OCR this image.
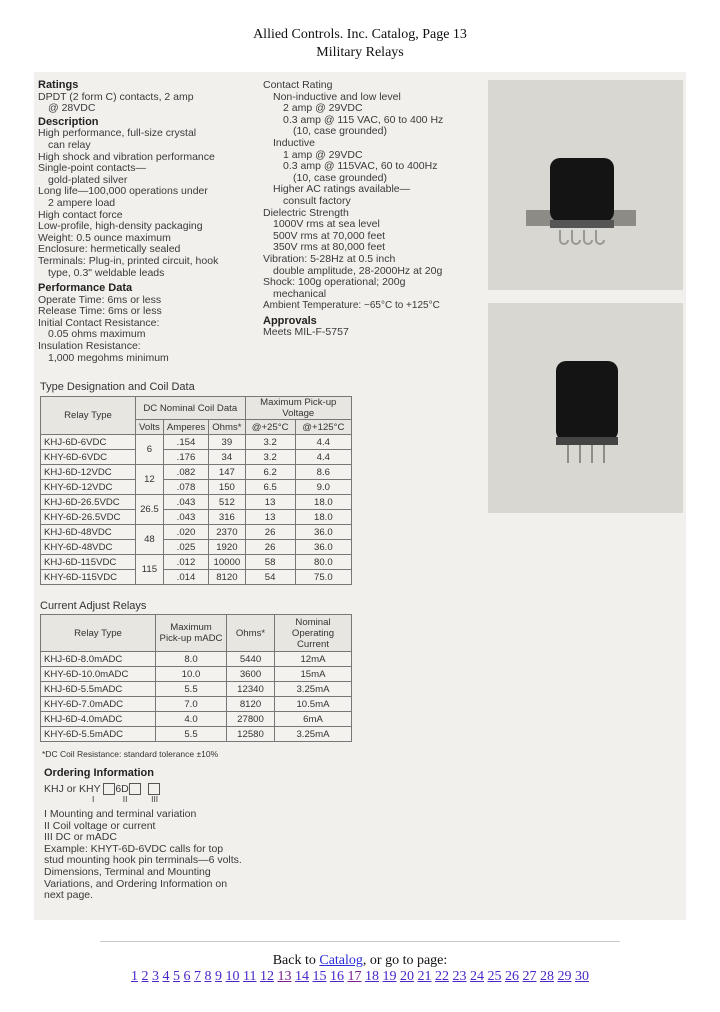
Allied Controls. Inc. Catalog, Page 13
Military Relays
Ratings
DPDT (2 form C) contacts, 2 amp
@ 28VDC
Description
High performance, full-size crystal
can relay
High shock and vibration performance
Single-point contacts—
gold-plated silver
Long life—100,000 operations under
2 ampere load
High contact force
Low-profile, high-density packaging
Weight: 0.5 ounce maximum
Enclosure: hermetically sealed
Terminals: Plug-in, printed circuit, hook
type, 0.3" weldable leads
Performance Data
Operate Time: 6ms or less
Release Time: 6ms or less
Initial Contact Resistance:
0.05 ohms maximum
Insulation Resistance:
1,000 megohms minimum
Contact Rating
Non-inductive and low level
2 amp @ 29VDC
0.3 amp @ 115 VAC, 60 to 400 Hz
(10, case grounded)
Inductive
1 amp @ 29VDC
0.3 amp @ 115VAC, 60 to 400Hz
(10, case grounded)
Higher AC ratings available—
consult factory
Dielectric Strength
1000V rms at sea level
500V rms at 70,000 feet
350V rms at 80,000 feet
Vibration: 5-28Hz at 0.5 inch
double amplitude, 28-2000Hz at 20g
Shock: 100g operational; 200g
mechanical
Ambient Temperature: −65°C to +125°C
Approvals
Meets MIL-F-5757
Type Designation and Coil Data
Relay Type	DC Nominal Coil Data			Maximum Pick-up Voltage	
	Volts	Amperes	Ohms*	@+25°C	@+125°C
KHJ-6D-6VDC	6	.154	39	3.2	4.4
KHY-6D-6VDC		.176	34	3.2	4.4
KHJ-6D-12VDC	12	.082	147	6.2	8.6
KHY-6D-12VDC		.078	150	6.5	9.0
KHJ-6D-26.5VDC	26.5	.043	512	13	18.0
KHY-6D-26.5VDC		.043	316	13	18.0
KHJ-6D-48VDC	48	.020	2370	26	36.0
KHY-6D-48VDC		.025	1920	26	36.0
KHJ-6D-115VDC	115	.012	10000	58	80.0
KHY-6D-115VDC		.014	8120	54	75.0
Current Adjust Relays
Relay Type	Maximum Pick-up mADC	Ohms*	Nominal Operating Current
KHJ-6D-8.0mADC	8.0	5440	12mA
KHY-6D-10.0mADC	10.0	3600	15mA
KHJ-6D-5.5mADC	5.5	12340	3.25mA
KHY-6D-7.0mADC	7.0	8120	10.5mA
KHJ-6D-4.0mADC	4.0	27800	6mA
KHY-6D-5.5mADC	5.5	12580	3.25mA
*DC Coil Resistance: standard tolerance ±10%
Ordering Information
KHJ or KHY 6D
I	II	III
I Mounting and terminal variation
II Coil voltage or current
III DC or mADC
Example: KHYT-6D-6VDC calls for top
stud mounting hook pin terminals—6 volts.
Dimensions, Terminal and Mounting
Variations, and Ordering Information on
next page.
Back to Catalog, or go to page:
1 2 3 4 5 6 7 8 9 10 11 12 13 14 15 16 17 18 19 20 21 22 23 24 25 26 27 28 29 30
